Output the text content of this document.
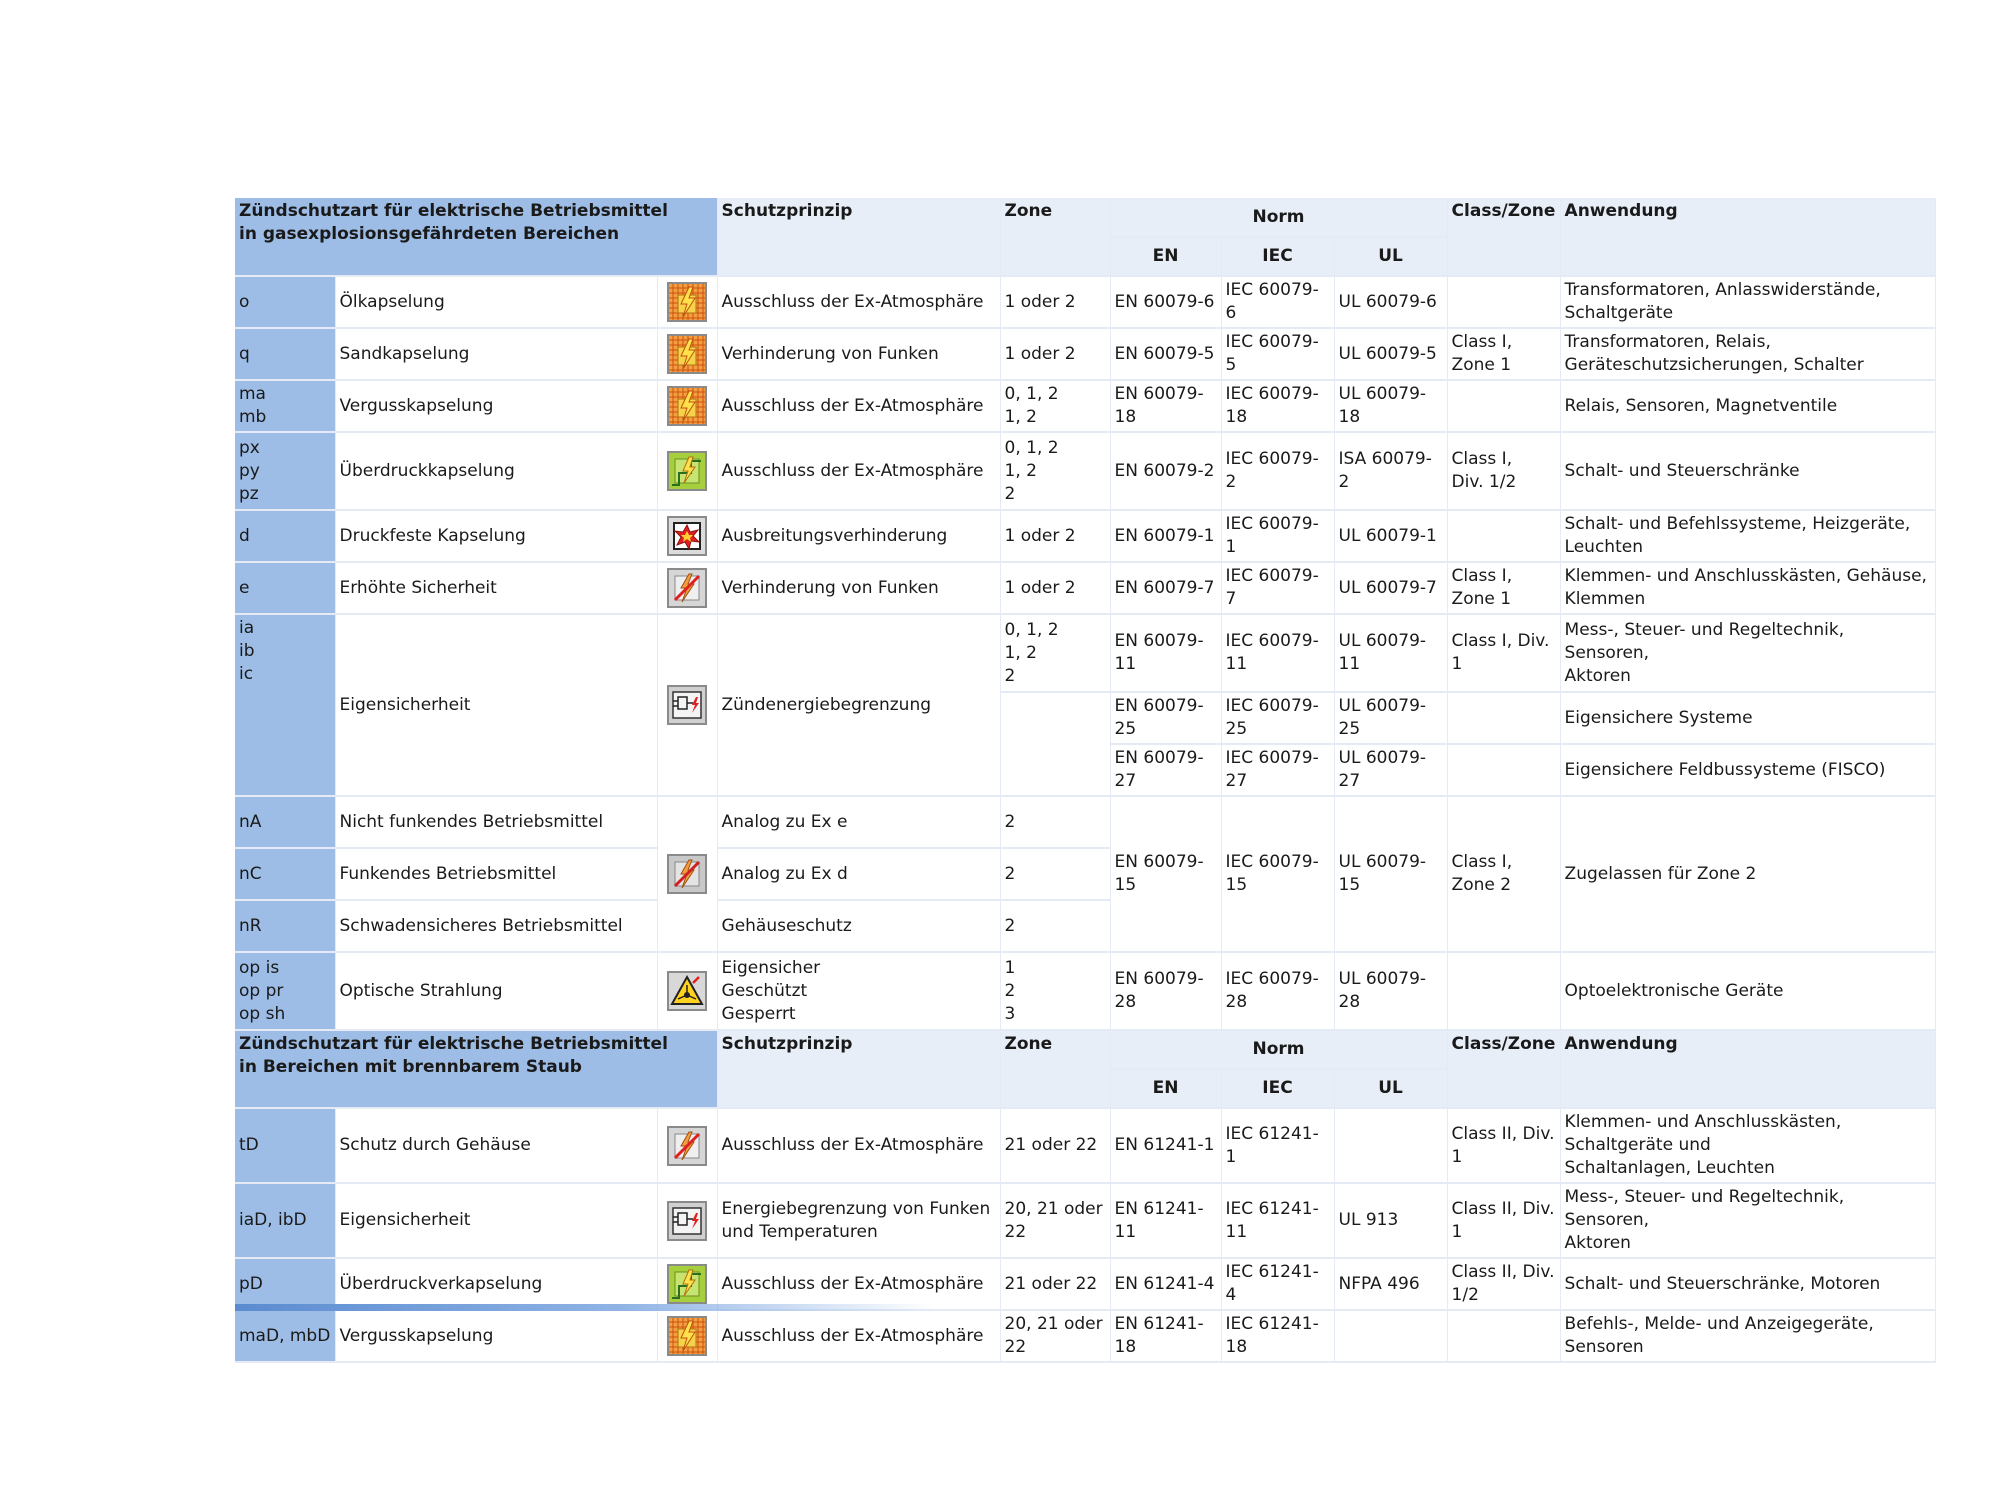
Zündschutzart für elektrische Betriebsmittel
in gasexplosionsgefährdeten Bereichen			Schutzprinzip	Zone	Norm			Class/Zone	Anwendung
					EN	IEC	UL		
o	Ölkapselung		Ausschluss der Ex-Atmosphäre	1 oder 2	EN 60079-6	IEC 60079-6	UL 60079-6		Transformatoren, Anlasswiderstände,
Schaltgeräte
q	Sandkapselung		Verhinderung von Funken	1 oder 2	EN 60079-5	IEC 60079-5	UL 60079-5	Class I, Zone 1	Transformatoren, Relais,
Geräteschutzsicherungen, Schalter
ma
mb	Vergusskapselung		Ausschluss der Ex-Atmosphäre	0, 1, 2
1, 2	EN 60079-18	IEC 60079-18	UL 60079-18		Relais, Sensoren, Magnetventile
px
py
pz	Überdruckkapselung		Ausschluss der Ex-Atmosphäre	0, 1, 2
1, 2
2	EN 60079-2	IEC 60079-2	ISA 60079-2	Class I,
Div. 1/2	Schalt- und Steuerschränke
d	Druckfeste Kapselung		Ausbreitungsverhinderung	1 oder 2	EN 60079-1	IEC 60079-1	UL 60079-1		Schalt- und Befehlssysteme, Heizgeräte,
Leuchten
e	Erhöhte Sicherheit		Verhinderung von Funken	1 oder 2	EN 60079-7	IEC 60079-7	UL 60079-7	Class I, Zone 1	Klemmen- und Anschlusskästen, Gehäuse,
Klemmen
ia
ib
ic	Eigensicherheit		Zündenergiebegrenzung	0, 1, 2
1, 2
2	EN 60079-11	IEC 60079-11	UL 60079-11	Class I, Div. 1	Mess-, Steuer- und Regeltechnik, Sensoren,
Aktoren
					EN 60079-25	IEC 60079-25	UL 60079-25		Eigensichere Systeme
					EN 60079-27	IEC 60079-27	UL 60079-27		Eigensichere Feldbussysteme (FISCO)
nA	Nicht funkendes Betriebsmittel		Analog zu Ex e	2	EN 60079-15	IEC 60079-15	UL 60079-15	Class I, Zone 2	Zugelassen für Zone 2
nC	Funkendes Betriebsmittel		Analog zu Ex d	2					
nR	Schwadensicheres Betriebsmittel		Gehäuseschutz	2					
op is
op pr
op sh	Optische Strahlung		Eigensicher
Geschützt
Gesperrt	1
2
3	EN 60079-28	IEC 60079-28	UL 60079-28		Optoelektronische Geräte
Zündschutzart für elektrische Betriebsmittel
in Bereichen mit brennbarem Staub			Schutzprinzip	Zone	Norm			Class/Zone	Anwendung
					EN	IEC	UL		
tD	Schutz durch Gehäuse		Ausschluss der Ex-Atmosphäre	21 oder 22	EN 61241-1	IEC 61241-1		Class II, Div. 1	Klemmen- und Anschlusskästen, Schaltgeräte und
Schaltanlagen, Leuchten
iaD, ibD	Eigensicherheit		Energiebegrenzung von Funken
und Temperaturen	20, 21 oder
22	EN 61241-11	IEC 61241-11	UL 913	Class II, Div. 1	Mess-, Steuer- und Regeltechnik, Sensoren,
Aktoren
pD	Überdruckverkapselung		Ausschluss der Ex-Atmosphäre	21 oder 22	EN 61241-4	IEC 61241-4	NFPA 496	Class II, Div.
1/2	Schalt- und Steuerschränke, Motoren
maD, mbD	Vergusskapselung		Ausschluss der Ex-Atmosphäre	20, 21 oder
22	EN 61241-18	IEC 61241-18			Befehls-, Melde- und Anzeigegeräte, Sensoren
